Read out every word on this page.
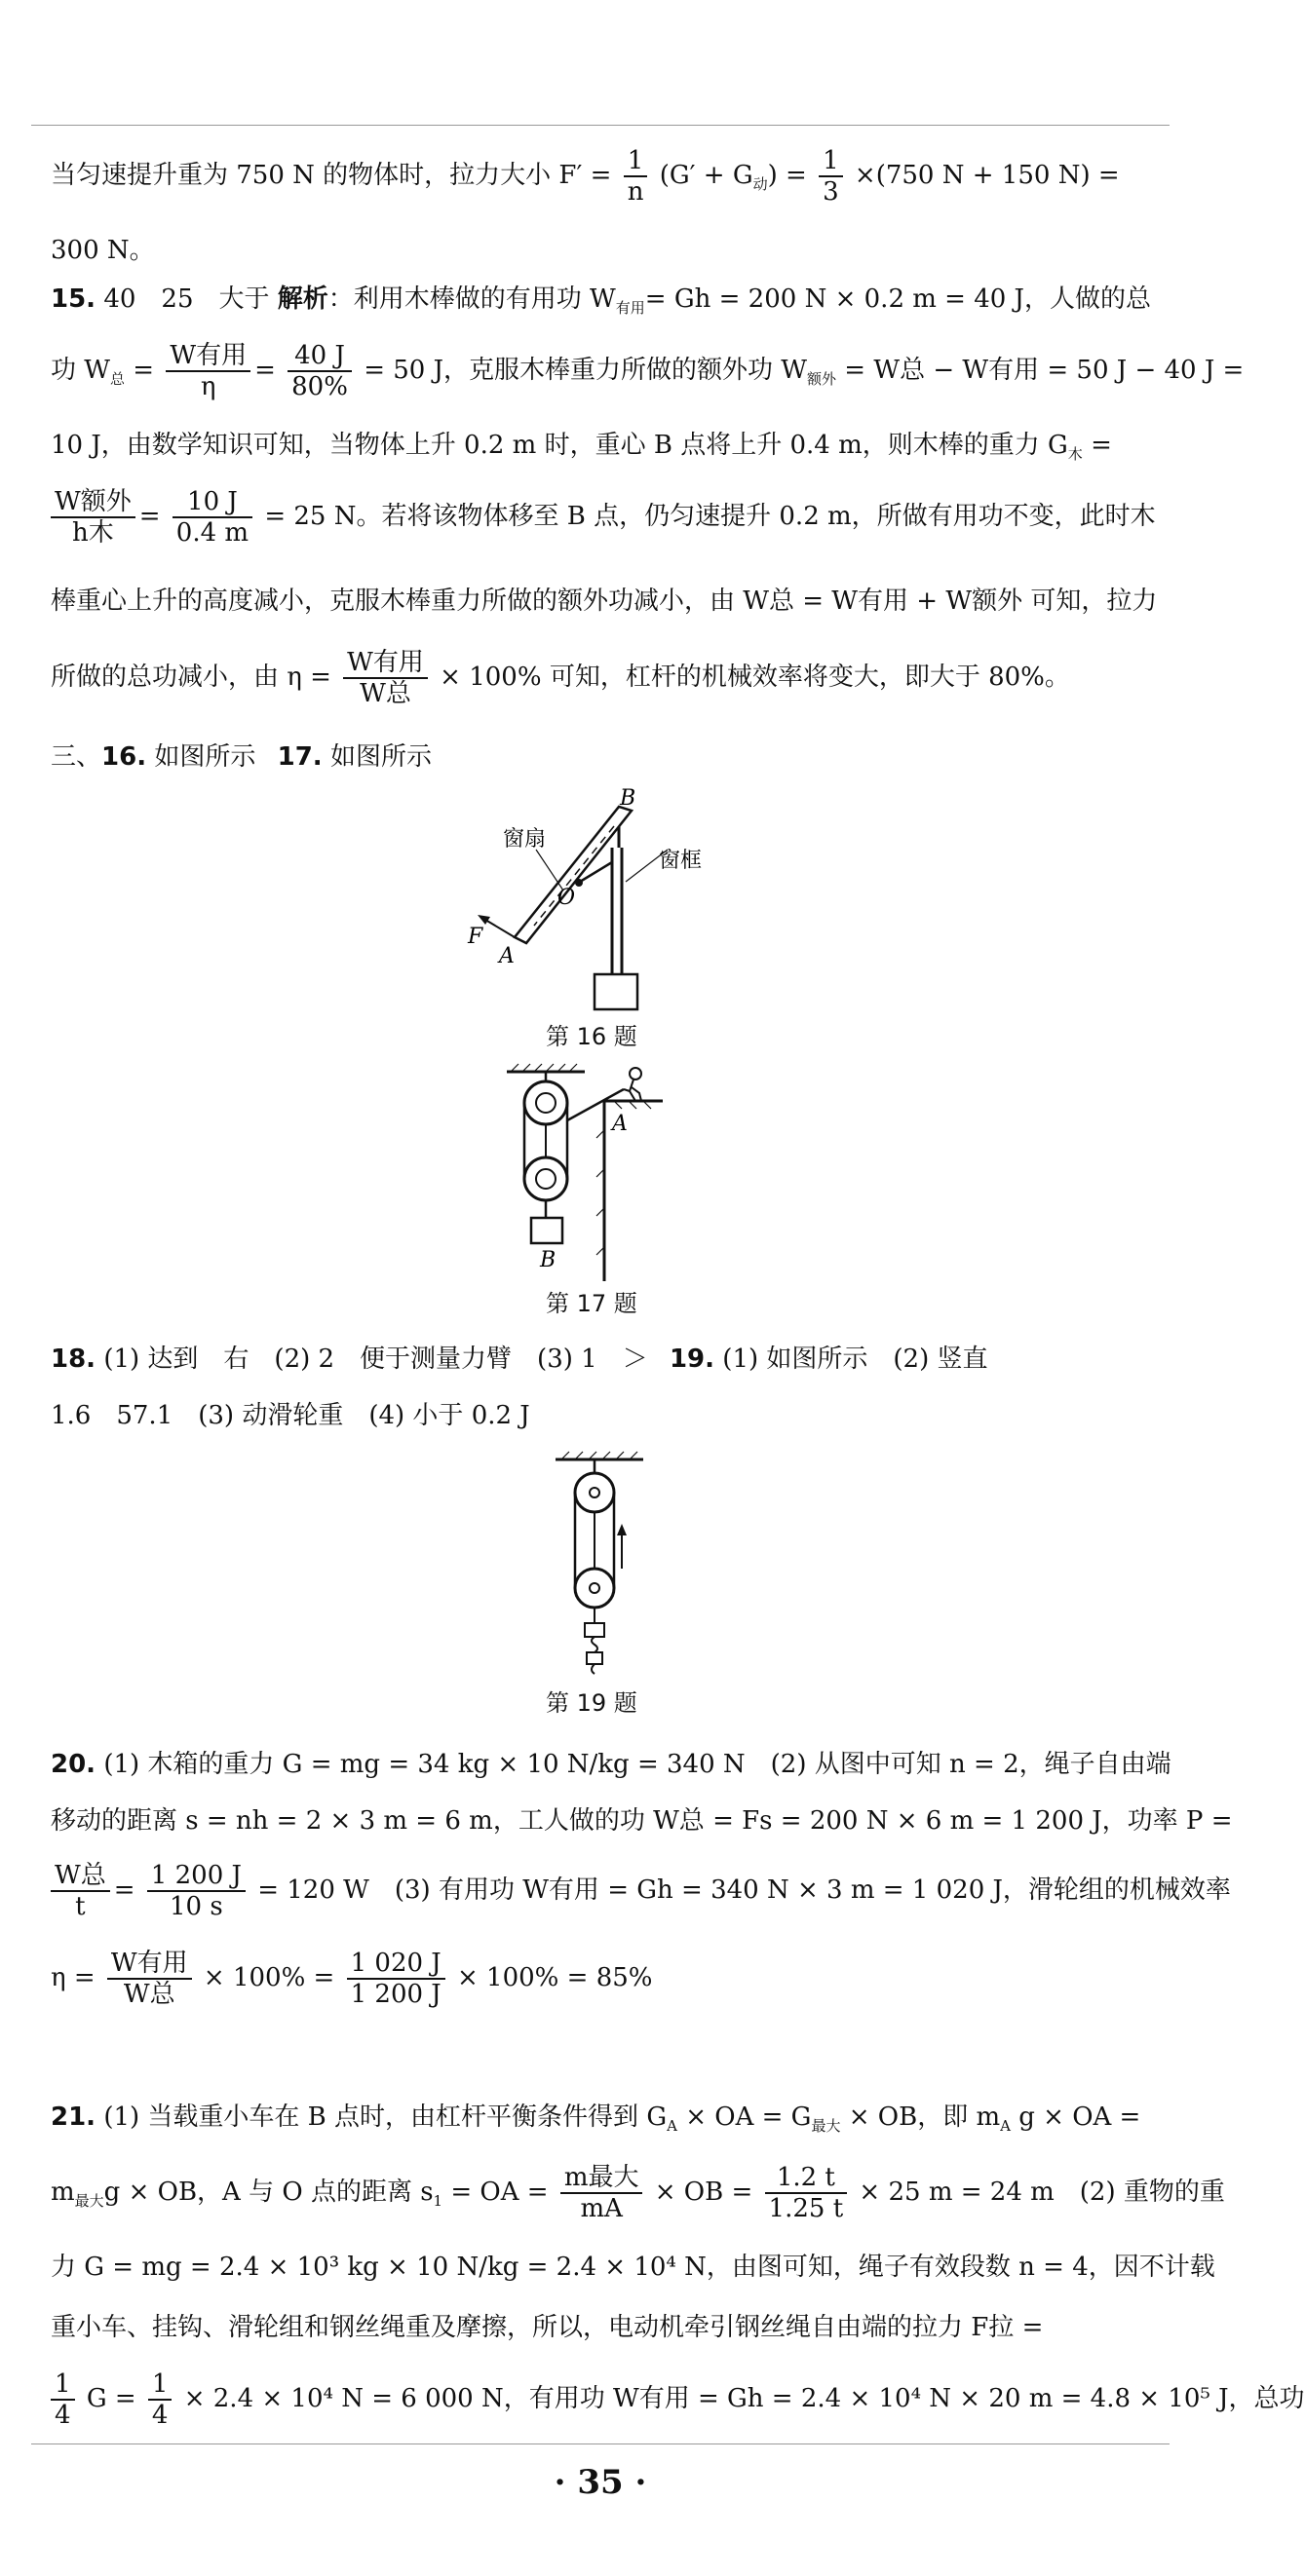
当匀速提升重为 750 N 的物体时，拉力大小 $F' = \frac{1}{n} (G' + G_动) = \frac{1}{3} \times(750$ N + 150 N) =
300 N。
15. 40　25　大于 解析：利用木棒做的有用功 $W_{有用}= Gh = 200$ N × 0.2 m = 40 J，人做的总
功 $W_总 = \frac{\text{W有用}}{\eta} = \frac{40 J}{80\%} = 50$ J，克服木棒重力所做的额外功 $W_{额外} = W$总 − W有用 = 50 J − 40 J =
10 J，由数学知识可知，当物体上升 0.2 m 时，重心 B 点将上升 0.4 m，则木棒的重力 $G_木$ =
$\frac{\text{W额外}}{\text{h木}} = \frac{10 J}{0.4 m} = 25$ N。若将该物体移至 B 点，仍匀速提升 0.2 m，所做有用功不变，此时木
棒重心上升的高度减小，克服木棒重力所做的额外功减小，由 W总 = W有用 + W额外 可知，拉力
所做的总功减小，由 $\eta = \frac{\text{W有用}}{\text{W总}} \times 100\%$ 可知，杠杆的机械效率将变大，即大于 80%。
三、16. 如图所示 17. 如图所示
B
O
A
F
窗扇
窗框
第 16 题
A
B
第 17 题
18. (1) 达到　右　(2) 2　便于测量力臂　(3) 1　＞ 19. (1) 如图所示　(2) 竖直
1.6　57.1　(3) 动滑轮重　(4) 小于 0.2 J
第 19 题
20. (1) 木箱的重力 G = mg = 34 kg × 10 N/kg = 340 N　(2) 从图中可知 n = 2，绳子自由端
移动的距离 s = nh = 2 × 3 m = 6 m，工人做的功 W总 = Fs = 200 N × 6 m = 1 200 J，功率 P =
$\frac{\text{W总}}{t} = \frac{1 200 J}{10 s} = 120$ W　(3) 有用功 W有用 = Gh = 340 N × 3 m = 1 020 J，滑轮组的机械效率
$\eta = \frac{\text{W有用}}{\text{W总}} \times 100\% = \frac{1 020 J}{1 200 J} \times 100\% = 85\%$
21. (1) 当载重小车在 B 点时，由杠杆平衡条件得到 $G_A$ × OA = $G_{最大}$ × OB，即 $m_A$ g × OA =
$m_{最大}g$ × OB，A 与 O 点的距离 $s_1$ = OA = $\frac{\text{m最大}}{mA}$ × OB = $\frac{1.2 t}{1.25 t} \times 25$ m = 24 m　(2) 重物的重
力 G = mg = 2.4 × 10³ kg × 10 N/kg = 2.4 × 10⁴ N，由图可知，绳子有效段数 n = 4，因不计载
重小车、挂钩、滑轮组和钢丝绳重及摩擦，所以，电动机牵引钢丝绳自由端的拉力 F拉 =
$\frac{1}{4}$ $G = \frac{1}{4} \times 2.4 \times 10^4$ N = 6 000 N，有用功 W有用 = Gh = 2.4 × 10⁴ N × 20 m = 4.8 × 10⁵ J，总功
· 35 ·
